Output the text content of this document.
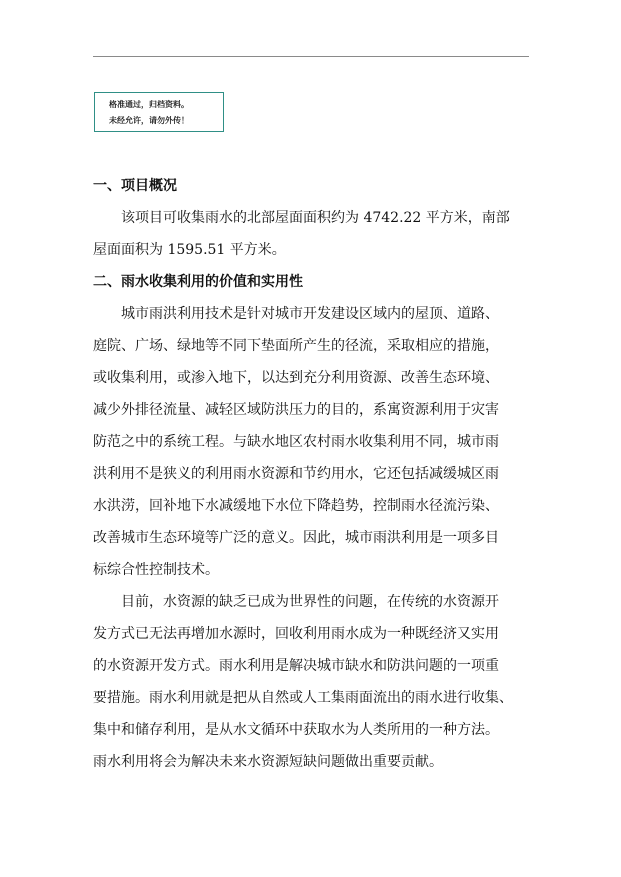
格准通过，归档资料。
未经允许，请勿外传！
一、项目概况
该项目可收集雨水的北部屋面面积约为 4742.22 平方米，南部
屋面面积为 1595.51 平方米。
二、雨水收集利用的价值和实用性
城市雨洪利用技术是针对城市开发建设区域内的屋顶、道路、
庭院、广场、绿地等不同下垫面所产生的径流，采取相应的措施，
或收集利用，或渗入地下，以达到充分利用资源、改善生态环境、
减少外排径流量、减轻区域防洪压力的目的，系寓资源利用于灾害
防范之中的系统工程。与缺水地区农村雨水收集利用不同，城市雨
洪利用不是狭义的利用雨水资源和节约用水，它还包括减缓城区雨
水洪涝，回补地下水减缓地下水位下降趋势，控制雨水径流污染、
改善城市生态环境等广泛的意义。因此，城市雨洪利用是一项多目
标综合性控制技术。
目前，水资源的缺乏已成为世界性的问题，在传统的水资源开
发方式已无法再增加水源时，回收利用雨水成为一种既经济又实用
的水资源开发方式。雨水利用是解决城市缺水和防洪问题的一项重
要措施。雨水利用就是把从自然或人工集雨面流出的雨水进行收集、
集中和储存利用，是从水文循环中获取水为人类所用的一种方法。
雨水利用将会为解决未来水资源短缺问题做出重要贡献。
